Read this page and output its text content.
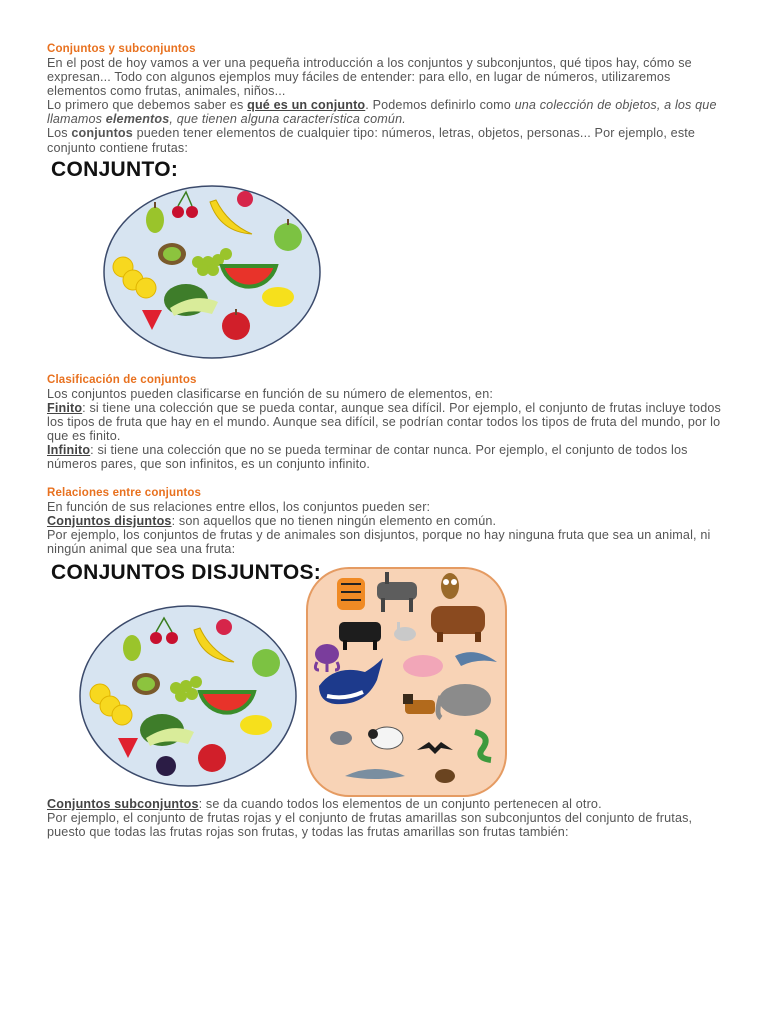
Conjuntos y subconjuntos

En el post de hoy vamos a ver una pequeña introducción a los conjuntos y subconjuntos, qué tipos hay, cómo se expresan... Todo con algunos ejemplos muy fáciles de entender: para ello, en lugar de números, utilizaremos elementos como frutas, animales, niños...

Lo primero que debemos saber es qué es un conjunto. Podemos definirlo como una colección de objetos, a los que llamamos elementos, que tienen alguna característica común.

Los conjuntos pueden tener elementos de cualquier tipo: números, letras, objetos, personas... Por ejemplo, este conjunto contiene frutas:

CONJUNTO:
Clasificación de conjuntos

Los conjuntos pueden clasificarse en función de su número de elementos, en:

Finito: si tiene una colección que se pueda contar, aunque sea difícil. Por ejemplo, el conjunto de frutas incluye todos los tipos de fruta que hay en el mundo. Aunque sea difícil, se podrían contar todos los tipos de fruta del mundo, por lo que es finito.

Infinito: si tiene una colección que no se pueda terminar de contar nunca. Por ejemplo, el conjunto de todos los números pares, que son infinitos, es un conjunto infinito.

Relaciones entre conjuntos

En función de sus relaciones entre ellos, los conjuntos pueden ser:

Conjuntos disjuntos: son aquellos que no tienen ningún elemento en común.

Por ejemplo, los conjuntos de frutas y de animales son disjuntos, porque no hay ninguna fruta que sea un animal, ni ningún animal que sea una fruta:

CONJUNTOS DISJUNTOS:

Conjuntos subconjuntos: se da cuando todos los elementos de un conjunto pertenecen al otro.

Por ejemplo, el conjunto de frutas rojas y el conjunto de frutas amarillas son subconjuntos del conjunto de frutas, puesto que todas las frutas rojas son frutas, y todas las frutas amarillas son frutas también:
